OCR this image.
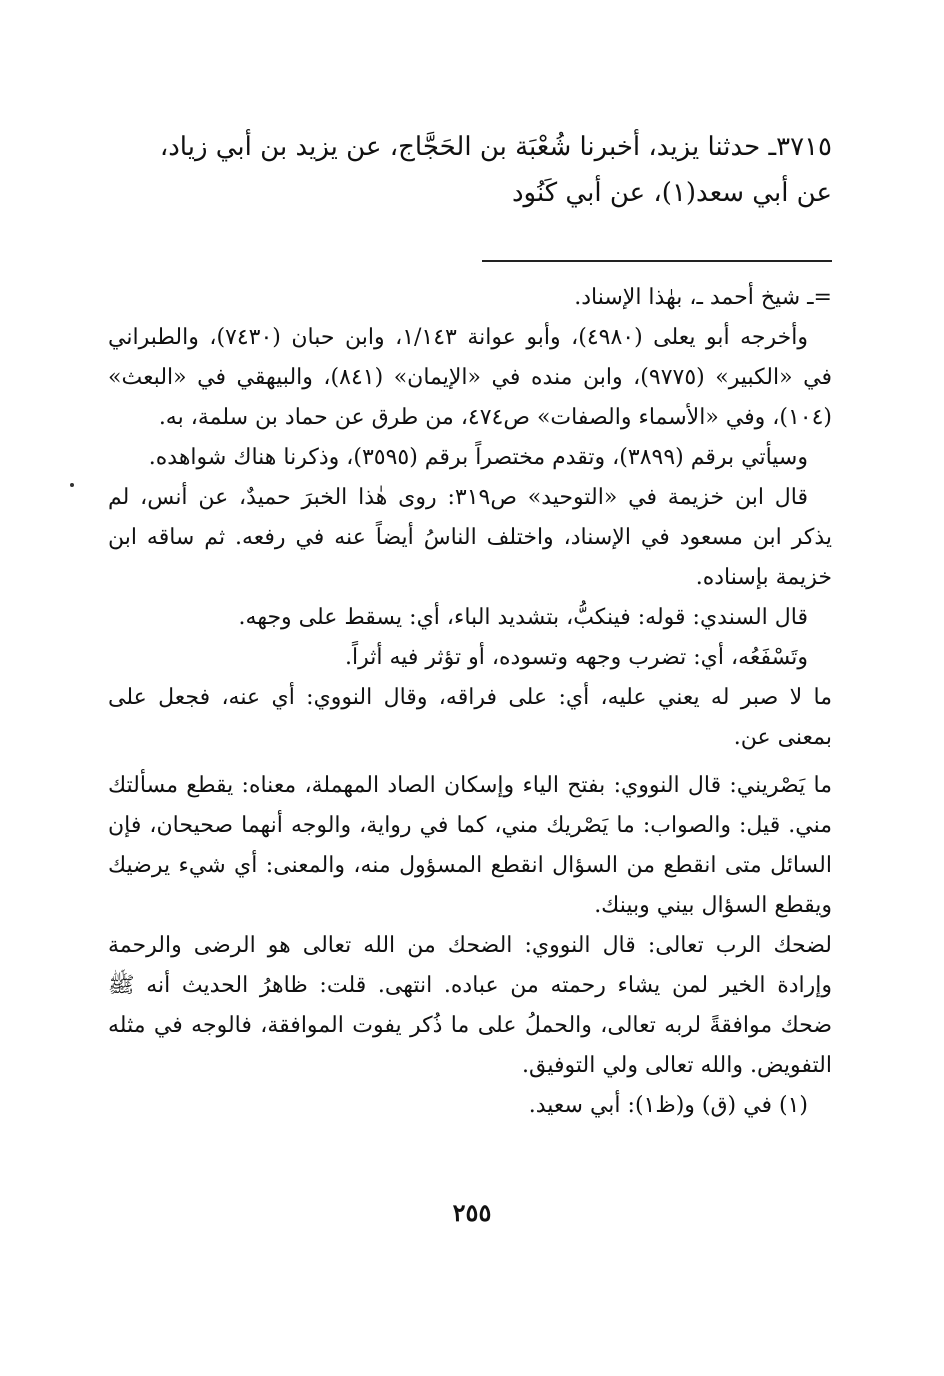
٣٧١٥ـ حدثنا يزيد، أخبرنا شُعْبَة بن الحَجَّاج، عن يزيد بن أبي زياد،

عن أبي سعد(١)، عن أبي كَنُود

=ـ شيخ أحمد ـ، بهٰذا الإسناد.

وأخرجه أبو يعلى (٤٩٨٠)، وأبو عوانة ١/١٤٣، وابن حبان (٧٤٣٠)، والطبراني في «الكبير» (٩٧٧٥)، وابن منده في «الإيمان» (٨٤١)، والبيهقي في «البعث» (١٠٤)، وفي «الأسماء والصفات» ص٤٧٤، من طرق عن حماد بن سلمة، به.

وسيأتي برقم (٣٨٩٩)، وتقدم مختصراً برقم (٣٥٩٥)، وذكرنا هناك شواهده.

قال ابن خزيمة في «التوحيد» ص٣١٩: روى هٰذا الخبرَ حميدٌ، عن أنس، لم يذكر ابن مسعود في الإسناد، واختلف الناسُ أيضاً عنه في رفعه. ثم ساقه ابن خزيمة بإسناده.

قال السندي: قوله: فينكبُّ، بتشديد الباء، أي: يسقط على وجهه.

وتَسْفَعُه، أي: تضرب وجهه وتسوده، أو تؤثر فيه أثراً.

ما لا صبر له يعني عليه، أي: على فراقه، وقال النووي: أي عنه، فجعل على بمعنى عن.

ما يَصْريني: قال النووي: بفتح الياء وإسكان الصاد المهملة، معناه: يقطع مسألتك مني. قيل: والصواب: ما يَصْريك مني، كما في رواية، والوجه أنهما صحيحان، فإن السائل متى انقطع من السؤال انقطع المسؤول منه، والمعنى: أي شيء يرضيك ويقطع السؤال بيني وبينك.

لضحك الرب تعالى: قال النووي: الضحك من الله تعالى هو الرضى والرحمة وإرادة الخير لمن يشاء رحمته من عباده. انتهى. قلت: ظاهرُ الحديث أنه ﷺ ضحك موافقةً لربه تعالى، والحملُ على ما ذُكر يفوت الموافقة، فالوجه في مثله التفويض. والله تعالى ولي التوفيق.

(١) في (ق) و(ظ١): أبي سعيد.

٢٥٥
